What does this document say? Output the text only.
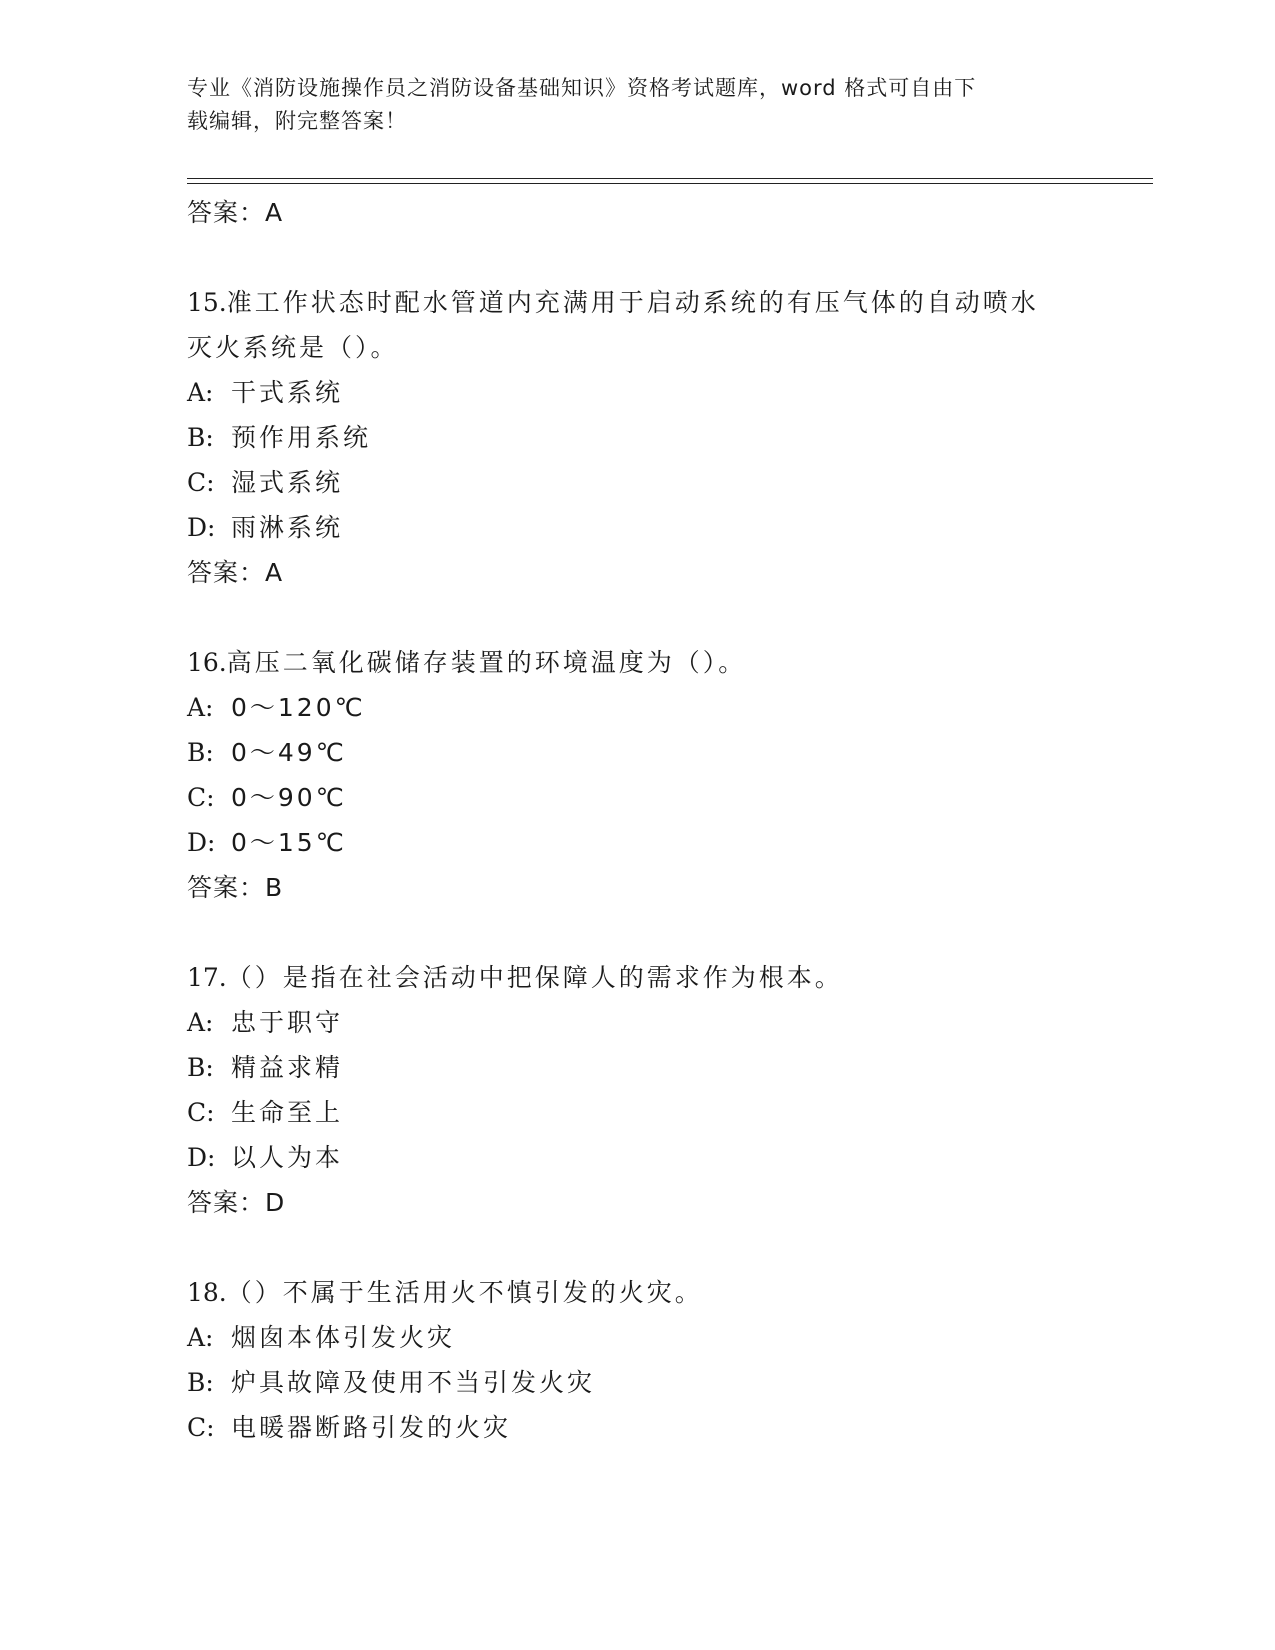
专业《消防设施操作员之消防设备基础知识》资格考试题库，word 格式可自由下
载编辑，附完整答案！
答案：A
15.准工作状态时配水管道内充满用于启动系统的有压气体的自动喷水
灭火系统是（）。
A: 干式系统
B: 预作用系统
C: 湿式系统
D: 雨淋系统
答案：A
16.高压二氧化碳储存装置的环境温度为（）。
A: 0～120℃
B: 0～49℃
C: 0～90℃
D: 0～15℃
答案：B
17.（）是指在社会活动中把保障人的需求作为根本。
A: 忠于职守
B: 精益求精
C: 生命至上
D: 以人为本
答案：D
18.（）不属于生活用火不慎引发的火灾。
A: 烟囱本体引发火灾
B: 炉具故障及使用不当引发火灾
C: 电暖器断路引发的火灾
